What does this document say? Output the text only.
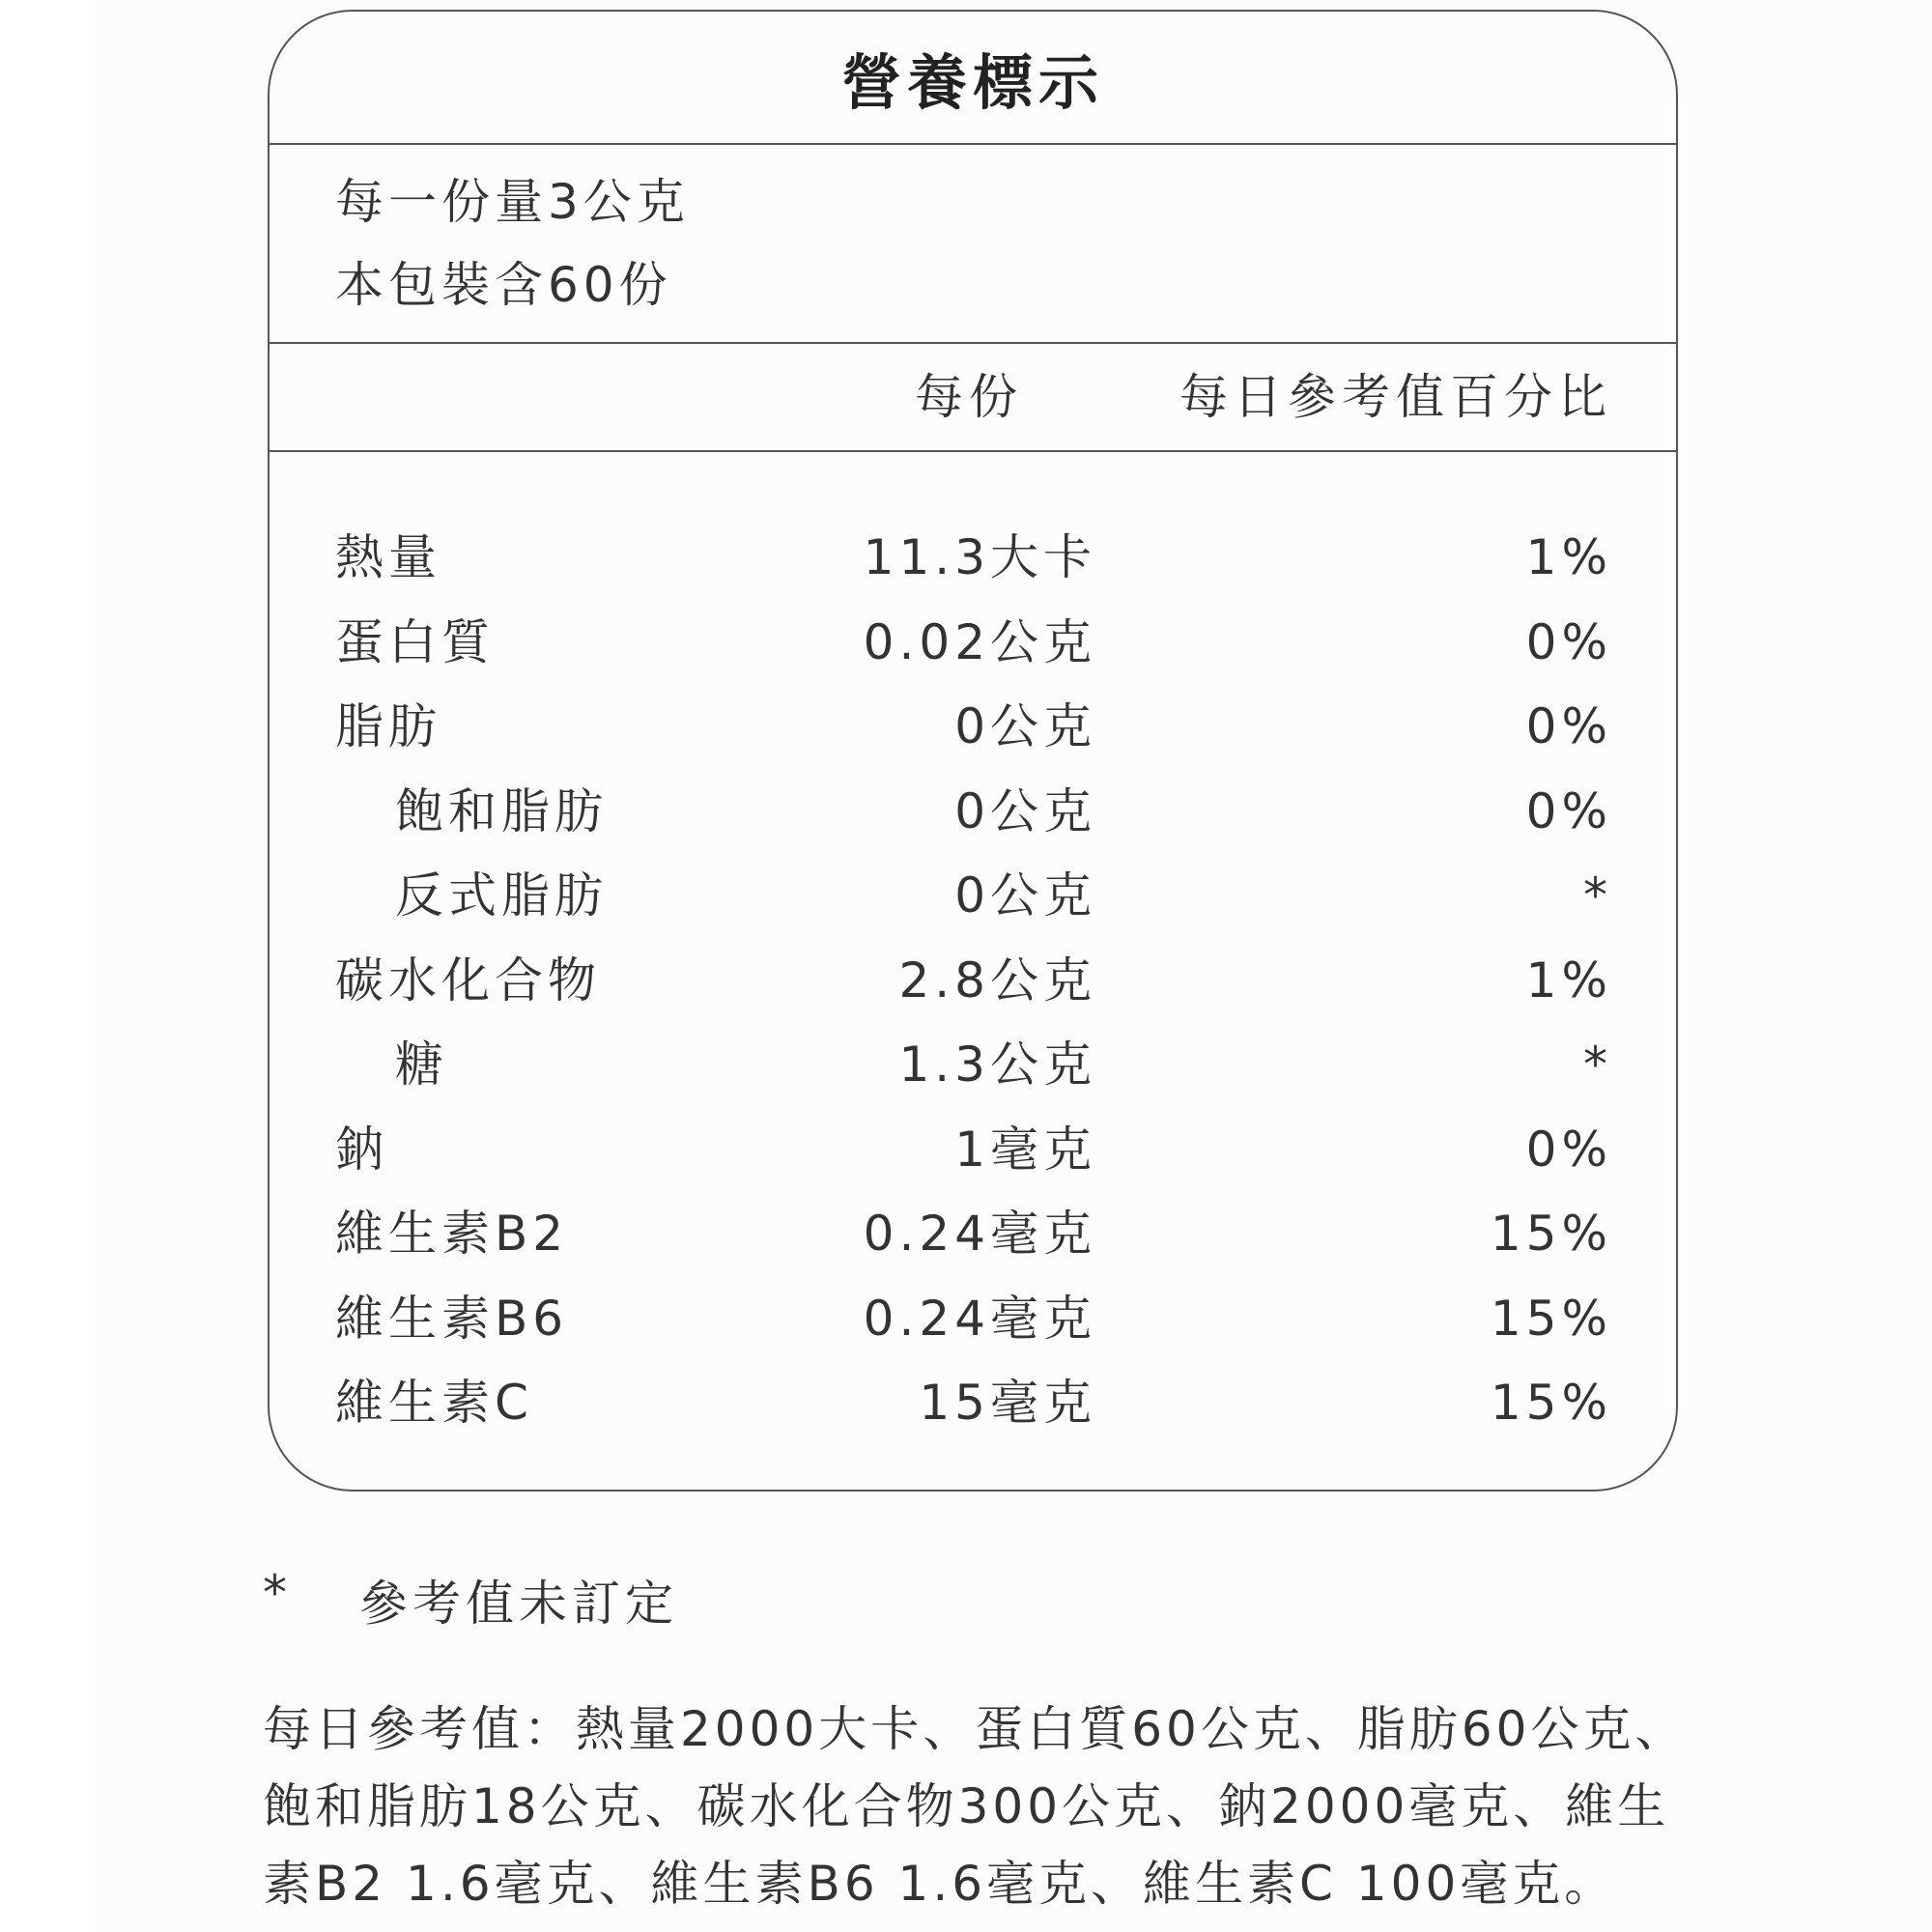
營養標示
每一份量3公克
本包裝含60份
每份	每日參考值百分比
熱量	11.3大卡	1%
蛋白質	0.02公克	0%
脂肪	0公克	0%
飽和脂肪	0公克	0%
反式脂肪	0公克	*
碳水化合物	2.8公克	1%
糖	1.3公克	*
鈉	1毫克	0%
維生素B2	0.24毫克	15%
維生素B6	0.24毫克	15%
維生素C	15毫克	15%
* 參考值未訂定
每日參考值：熱量2000大卡、蛋白質60公克、脂肪60公克、飽和脂肪18公克、碳水化合物300公克、鈉2000毫克、維生素B2 1.6毫克、維生素B6 1.6毫克、維生素C 100毫克。
